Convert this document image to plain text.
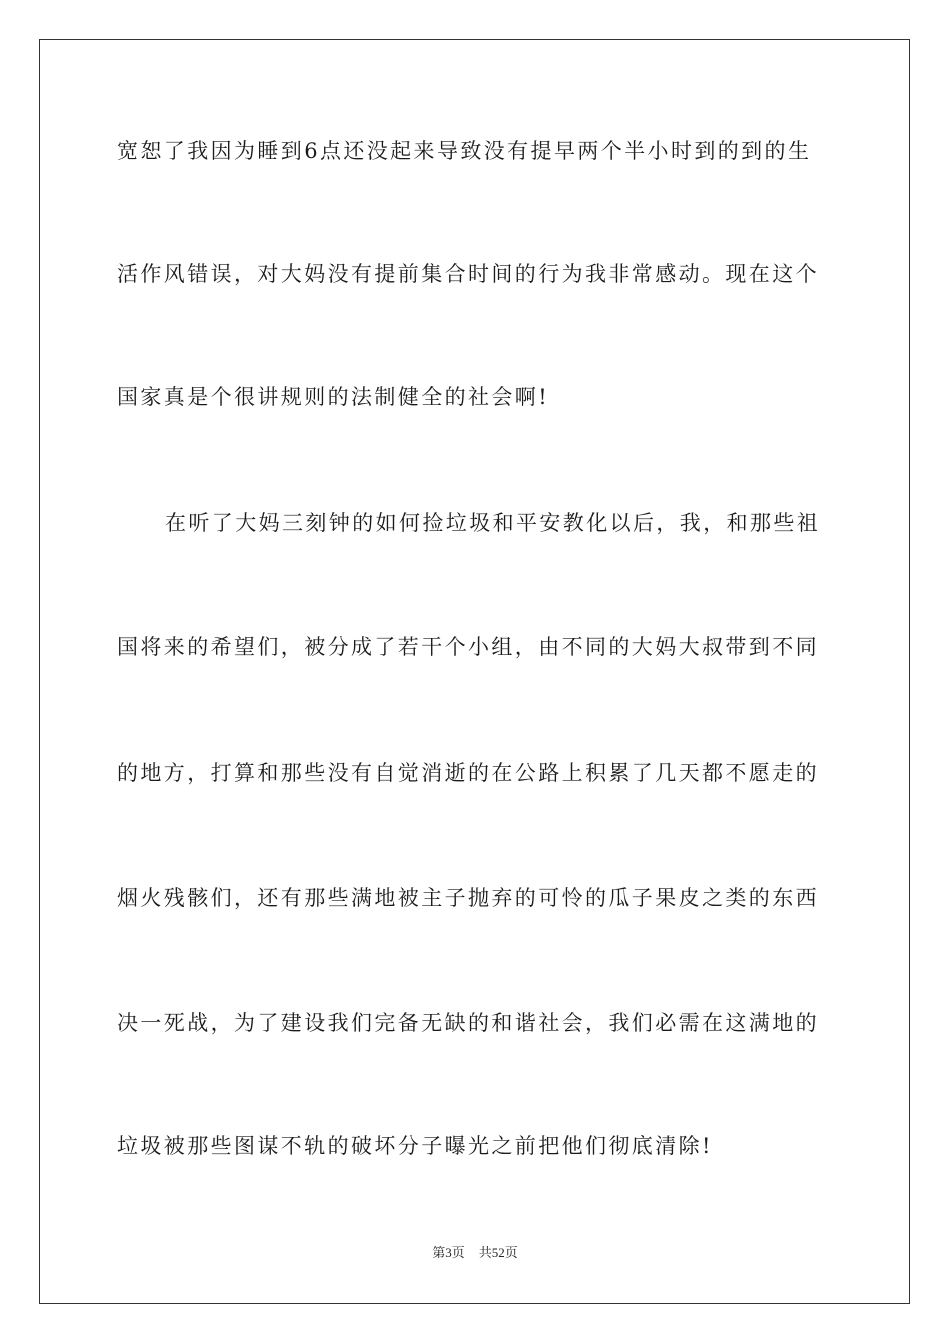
宽恕了我因为睡到6点还没起来导致没有提早两个半小时到的到的生
活作风错误，对大妈没有提前集合时间的行为我非常感动。现在这个
国家真是个很讲规则的法制健全的社会啊!
在听了大妈三刻钟的如何捡垃圾和平安教化以后，我，和那些祖
国将来的希望们，被分成了若干个小组，由不同的大妈大叔带到不同
的地方，打算和那些没有自觉消逝的在公路上积累了几天都不愿走的
烟火残骸们，还有那些满地被主子抛弃的可怜的瓜子果皮之类的东西
决一死战，为了建设我们完备无缺的和谐社会，我们必需在这满地的
垃圾被那些图谋不轨的破坏分子曝光之前把他们彻底清除!
第3页 共52页
